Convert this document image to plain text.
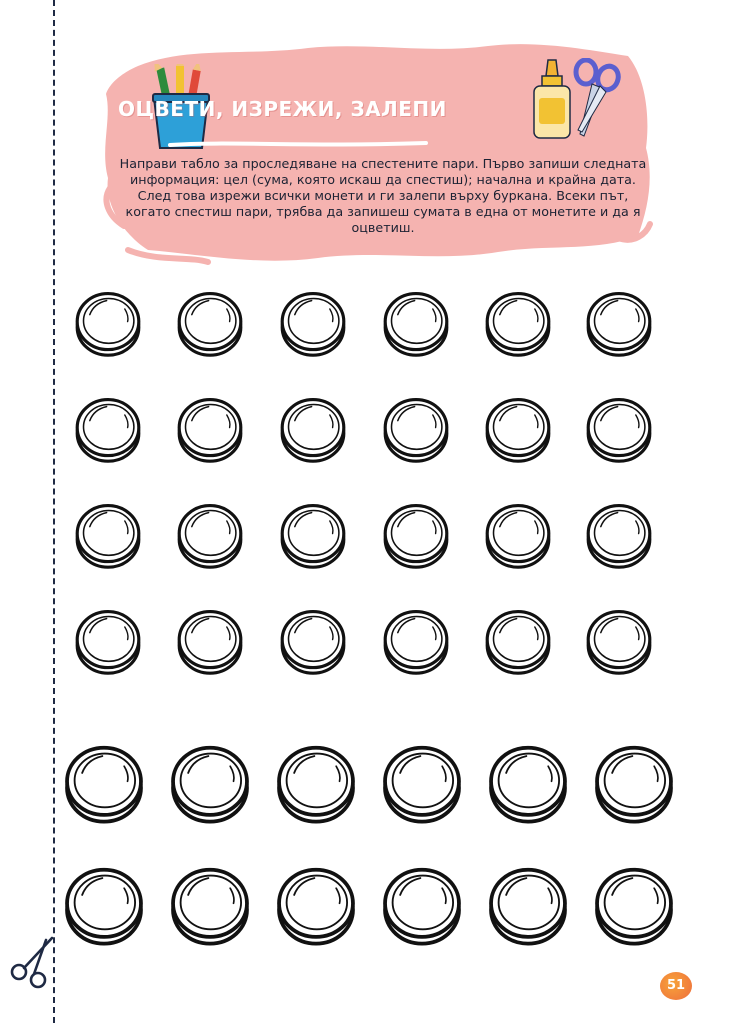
ОЦВЕТИ, ИЗРЕЖИ, ЗАЛЕПИ

Направи табло за проследяване на спестените пари. Първо запиши следната информация: цел (сума, която искаш да спестиш); начална и крайна дата. След това изрежи всички монети и ги залепи върху буркана. Всеки път, когато спестиш пари, трябва да запишеш сумата в една от монетите и да я оцветиш.

51
